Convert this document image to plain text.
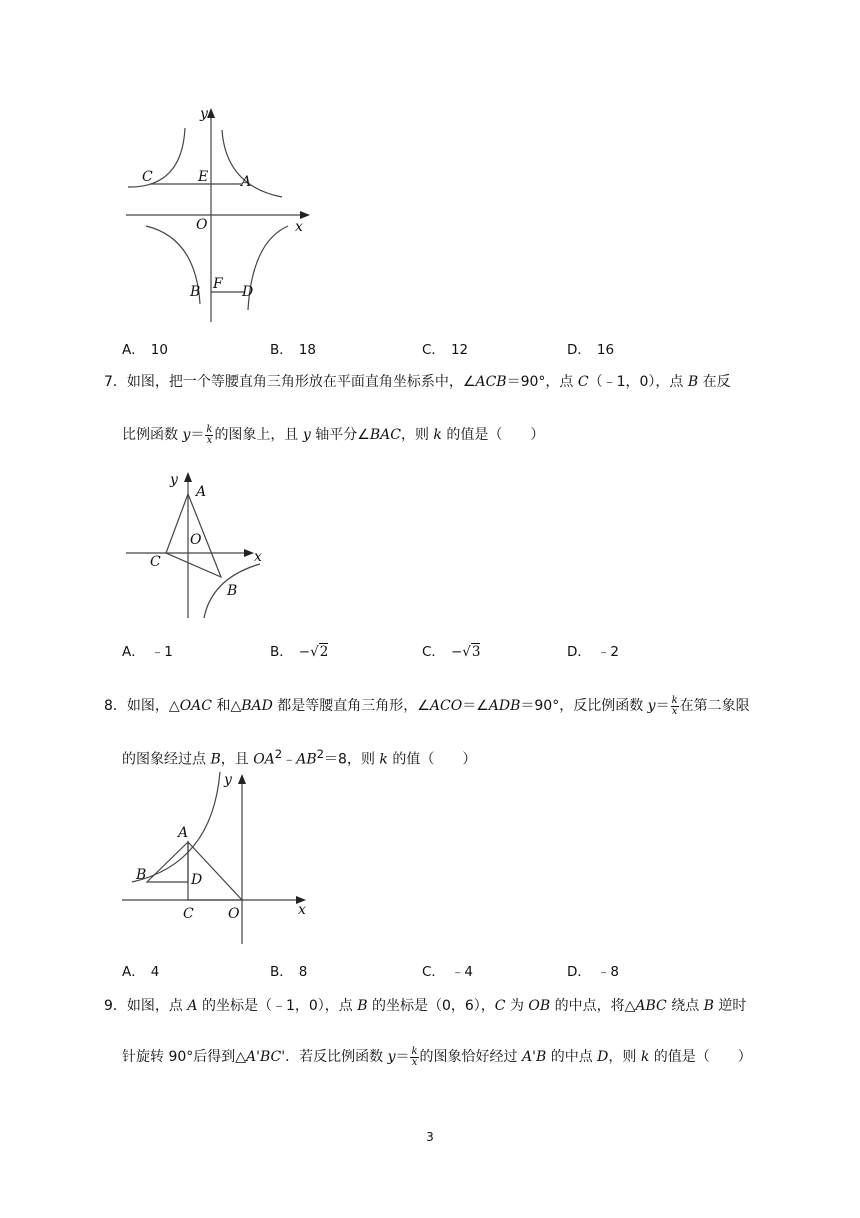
y
x
O
C	E A
B F D
A． 10	B． 18	C． 12	D． 16
7．如图，把一个等腰直角三角形放在平面直角坐标系中，∠ACB＝90°，点 C（﹣1，0），点 B 在反
比例函数 $y= \frac{k}{x}$ 的图象上，且 y 轴平分∠BAC，则 k 的值是（　　）
y
x
A
O
C
B
A． ﹣1	B． −√2	C． −√3	D． ﹣2
8．如图，△OAC 和△BAD 都是等腰直角三角形，∠ACO＝∠ADB＝90°，反比例函数 $y= \frac{k}{x}$ 在第二象限
的图象经过点 B，且 $OA^2﹣AB^2=8$，则 k 的值（　　）
y
x
A
B	D
C O
A． 4	B． 8	C． ﹣4	D． ﹣8
9．如图，点 A 的坐标是（﹣1，0），点 B 的坐标是（0，6），C 为 OB 的中点，将△ABC 绕点 B 逆时
针旋转 90°后得到△A'BC'．若反比例函数 $y= \frac{k}{x}$ 的图象恰好经过 A'B 的中点 D，则 k 的值是（　　）
3
